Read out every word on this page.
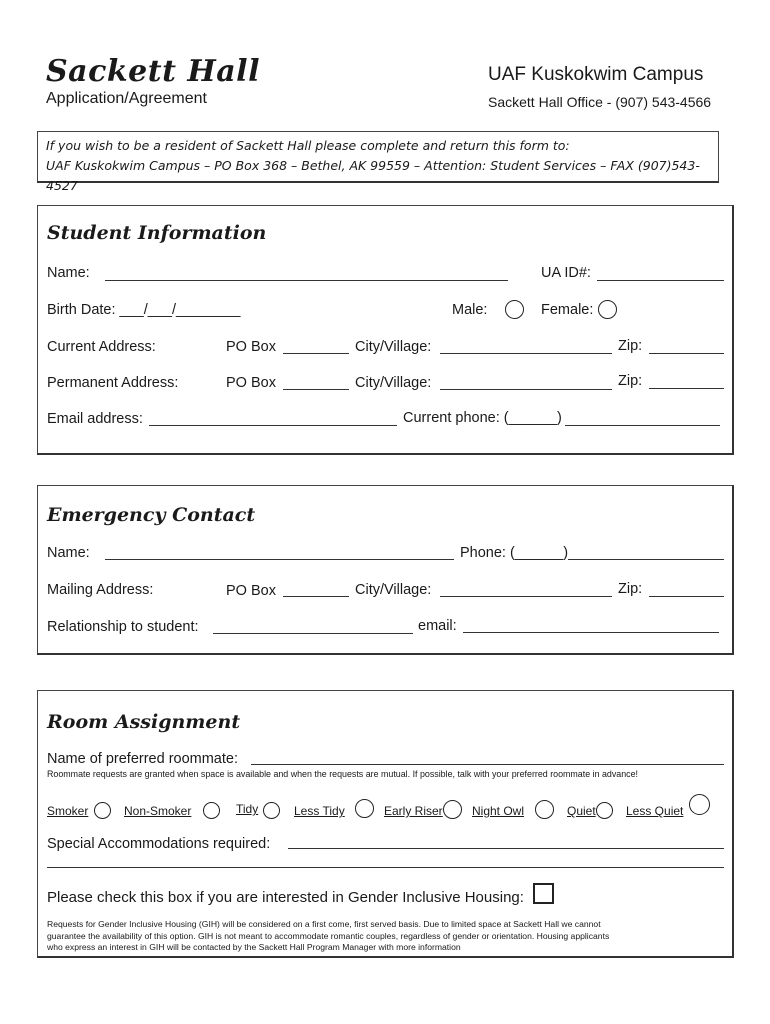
Sackett Hall
Application/Agreement
UAF Kuskokwim Campus
Sackett Hall Office - (907) 543-4566
If you wish to be a resident of Sackett Hall please complete and return this form to:
UAF Kuskokwim Campus – PO Box 368 – Bethel, AK 99559 – Attention: Student Services – FAX (907)543-4527
Student Information
Name:	UA ID#:
Birth Date: ___/___/________	Male:	Female:
Current Address:	PO Box	City/Village:	Zip:
Permanent Address:	PO Box	City/Village:	Zip:
Email address:	Current phone: (______)
Emergency Contact
Name:	Phone: (______)
Mailing Address:	PO Box	City/Village:	Zip:
Relationship to student:	email:
Room Assignment
Name of preferred roommate:
Roommate requests are granted when space is available and when the requests are mutual. If possible, talk with your preferred roommate in advance!
Smoker	Non-Smoker	Tidy	Less Tidy	Early Riser Night Owl	Quiet	Less Quiet
Special Accommodations required:
Please check this box if you are interested in Gender Inclusive Housing:
Requests for Gender Inclusive Housing (GIH) will be considered on a first come, first served basis. Due to limited space at Sackett Hall we cannot
guarantee the availability of this option. GIH is not meant to accommodate romantic couples, regardless of gender or orientation. Housing applicants
who express an interest in GIH will be contacted by the Sackett Hall Program Manager with more information
